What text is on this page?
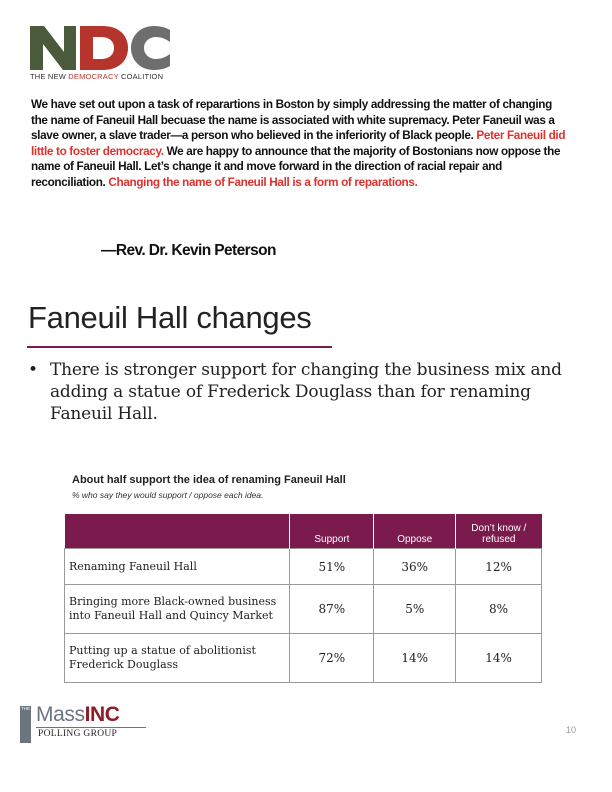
THE NEW DEMOCRACY COALITION
We have set out upon a task of reparartions in Boston by simply addressing the matter of changing the name of Faneuil Hall becuase the name is associated with white supremacy. Peter Faneuil was a slave owner, a slave trader—a person who believed in the inferiority of Black people. Peter Faneuil did little to foster democracy. We are happy to announce that the majority of Bostonians now oppose the name of Faneuil Hall. Let’s change it and move forward in the direction of racial repair and reconciliation. Changing the name of Faneuil Hall is a form of reparations.
—Rev. Dr. Kevin Peterson
Faneuil Hall changes
• There is stronger support for changing the business mix and adding a statue of Frederick Douglass than for renaming Faneuil Hall.
About half support the idea of renaming Faneuil Hall
% who say they would support / oppose each idea.
	Support	Oppose	Don’t know / refused
Renaming Faneuil Hall	51%	36%	12%
Bringing more Black-owned business into Faneuil Hall and Quincy Market	87%	5%	8%
Putting up a statue of abolitionist Frederick Douglass	72%	14%	14%
THE MassINC
POLLING GROUP	10
